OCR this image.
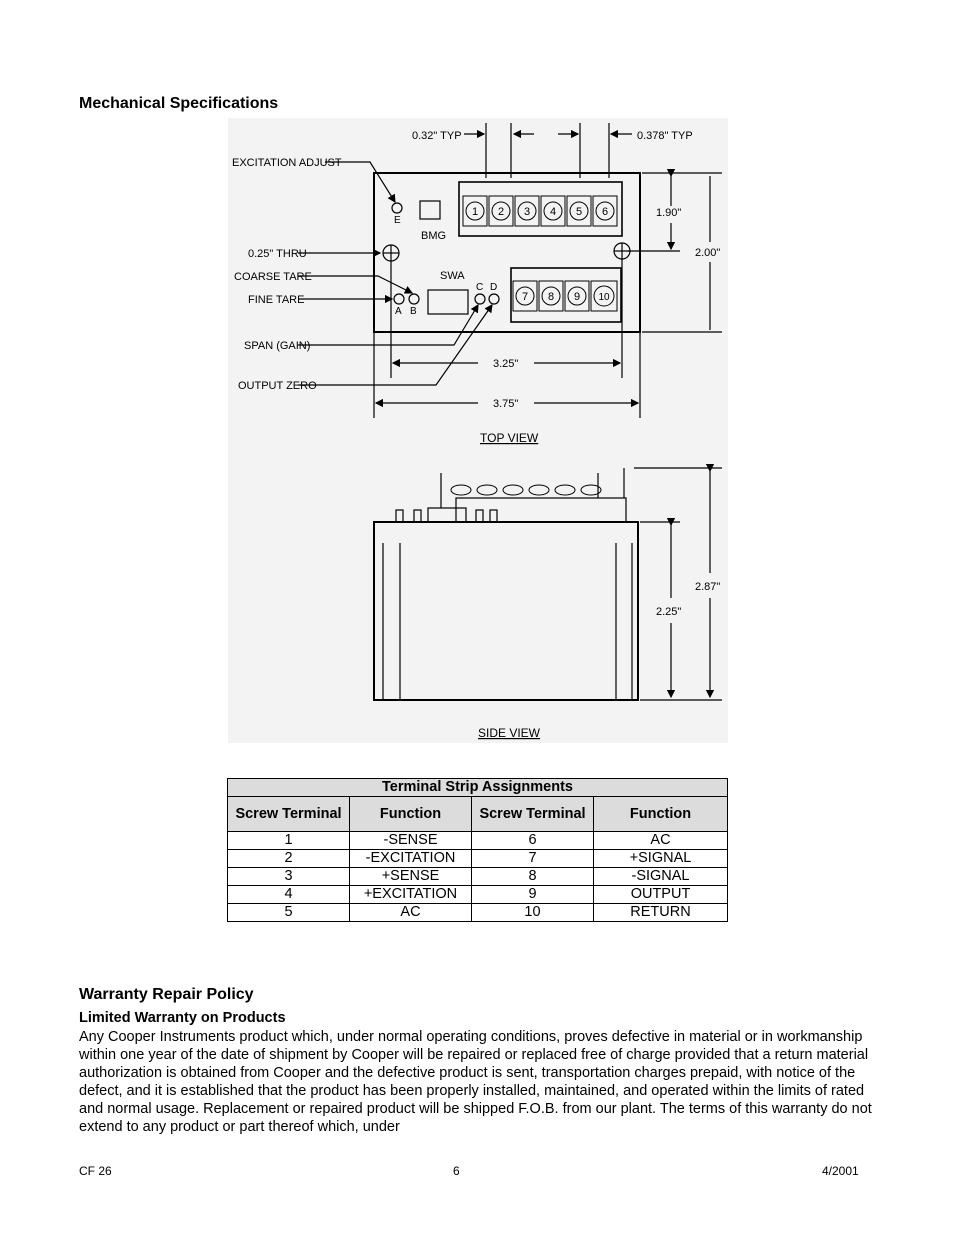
Mechanical Specifications
1 2 3 4 5 6
7 8 9 10
0.32" TYP	0.378" TYP
EXCITATION ADJUST
0.25" THRU
COARSE TARE
FINE TARE
SPAN (GAIN)
OUTPUT ZERO
1.90"
2.00"
3.25"
3.75"
2.25"
2.87"
SWA
BMG
E
A B
C D
TOP VIEW
SIDE VIEW
Terminal Strip Assignments			
Screw Terminal	Function	Screw Terminal	Function
1	-SENSE	6	AC
2	-EXCITATION	7	+SIGNAL
3	+SENSE	8	-SIGNAL
4	+EXCITATION	9	OUTPUT
5	AC	10	RETURN
Warranty Repair Policy
Limited Warranty on Products

Any Cooper Instruments product which, under normal operating conditions, proves defective in material or in workmanship within one year of the date of shipment by Cooper will be repaired or replaced free of charge provided that a return material authorization is obtained from Cooper and the defective product is sent, transportation charges prepaid, with notice of the defect, and it is established that the product has been properly installed, maintained, and operated within the limits of rated and normal usage. Replacement or repaired product will be shipped F.O.B. from our plant. The terms of this warranty do not extend to any product or part thereof which, under

CF 26	6	4/2001
